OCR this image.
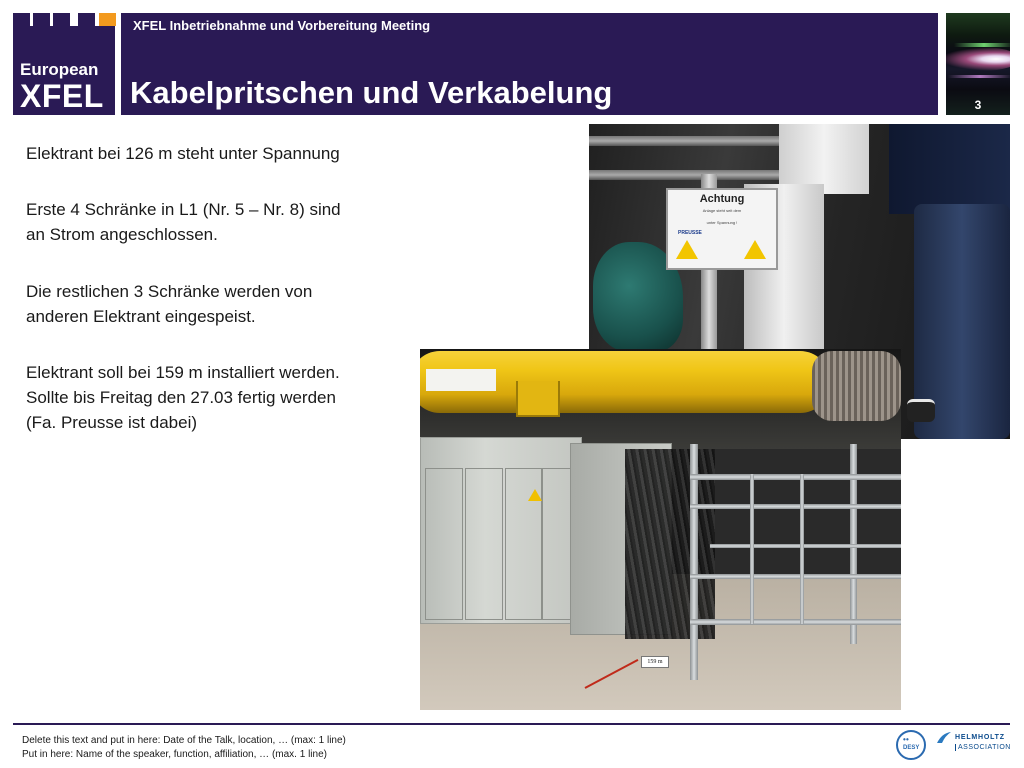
European
XFEL
XFEL Inbetriebnahme und Vorbereitung Meeting
Kabelpritschen und Verkabelung	3

Elektrant bei 126 m steht unter Spannung

Erste 4 Schränke in L1 (Nr. 5 – Nr. 8) sind

an Strom angeschlossen.

Die restlichen 3 Schränke werden von

anderen Elektrant eingespeist.

Elektrant soll bei 159 m installiert werden.

Sollte bis Freitag den 27.03 fertig werden

(Fa. Preusse ist dabei)

Achtung
Anlage steht seit dem
unter Spannung !
PREUSSE
159 m
Delete this text and put in here: Date of the Talk, location, … (max: 1 line)
Put in here: Name of the speaker, function, affiliation, … (max. 1 line)
• •
DESY
HELMHOLTZ
ASSOCIATION
